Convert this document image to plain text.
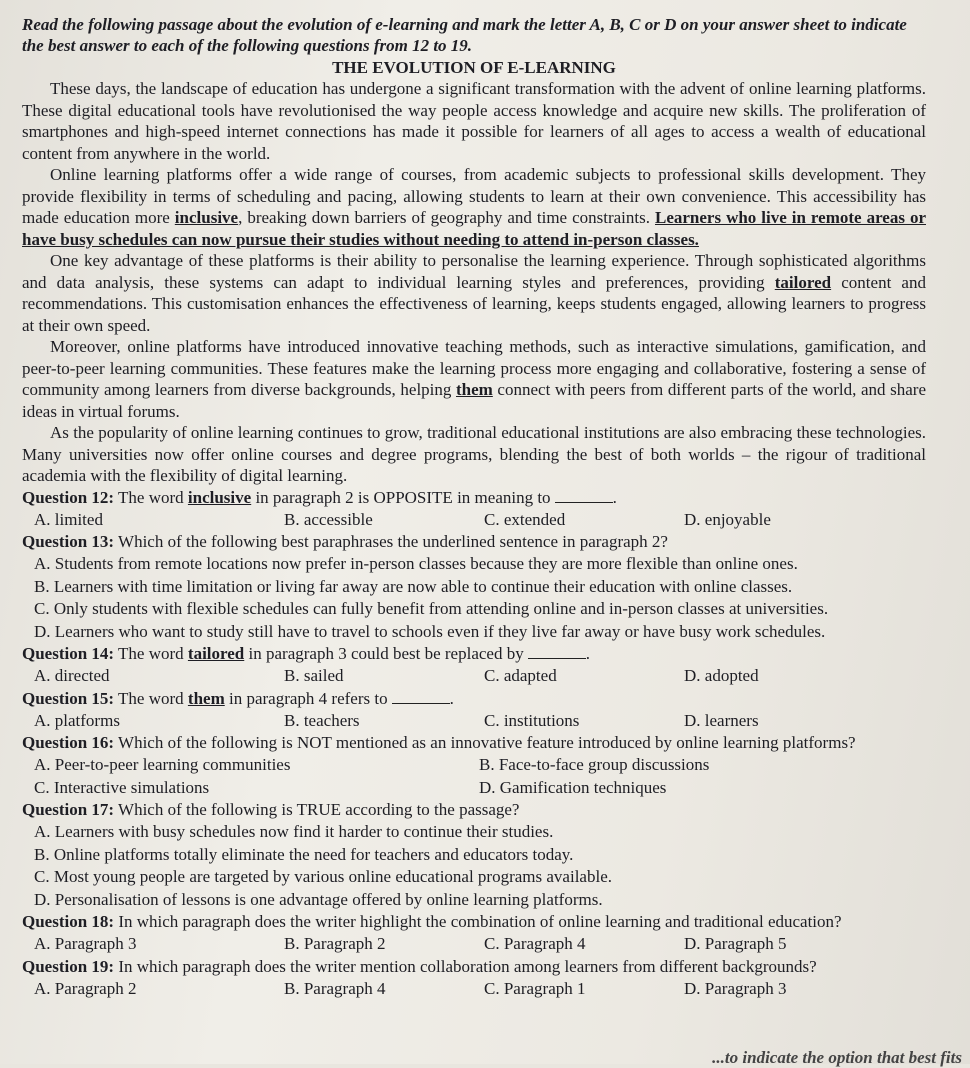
Read the following passage about the evolution of e-learning and mark the letter A, B, C or D on your answer sheet to indicate the best answer to each of the following questions from 12 to 19.

THE EVOLUTION OF E-LEARNING

These days, the landscape of education has undergone a significant transformation with the advent of online learning platforms. These digital educational tools have revolutionised the way people access knowledge and acquire new skills. The proliferation of smartphones and high-speed internet connections has made it possible for learners of all ages to access a wealth of educational content from anywhere in the world.

Online learning platforms offer a wide range of courses, from academic subjects to professional skills development. They provide flexibility in terms of scheduling and pacing, allowing students to learn at their own convenience. This accessibility has made education more inclusive, breaking down barriers of geography and time constraints. Learners who live in remote areas or have busy schedules can now pursue their studies without needing to attend in-person classes.

One key advantage of these platforms is their ability to personalise the learning experience. Through sophisticated algorithms and data analysis, these systems can adapt to individual learning styles and preferences, providing tailored content and recommendations. This customisation enhances the effectiveness of learning, keeps students engaged, allowing learners to progress at their own speed.

Moreover, online platforms have introduced innovative teaching methods, such as interactive simulations, gamification, and peer-to-peer learning communities. These features make the learning process more engaging and collaborative, fostering a sense of community among learners from diverse backgrounds, helping them connect with peers from different parts of the world, and share ideas in virtual forums.

As the popularity of online learning continues to grow, traditional educational institutions are also embracing these technologies. Many universities now offer online courses and degree programs, blending the best of both worlds – the rigour of traditional academia with the flexibility of digital learning.

Question 12: The word inclusive in paragraph 2 is OPPOSITE in meaning to	.

A. limited	B. accessible	C. extended	D. enjoyable

Question 13: Which of the following best paraphrases the underlined sentence in paragraph 2?

A. Students from remote locations now prefer in-person classes because they are more flexible than online ones.

B. Learners with time limitation or living far away are now able to continue their education with online classes.

C. Only students with flexible schedules can fully benefit from attending online and in-person classes at universities.

D. Learners who want to study still have to travel to schools even if they live far away or have busy work schedules.

Question 14: The word tailored in paragraph 3 could best be replaced by	.

A. directed	B. sailed	C. adapted	D. adopted

Question 15: The word them in paragraph 4 refers to	.

A. platforms	B. teachers	C. institutions	D. learners

Question 16: Which of the following is NOT mentioned as an innovative feature introduced by online learning platforms?

A. Peer-to-peer learning communities	B. Face-to-face group discussions
C. Interactive simulations	D. Gamification techniques

Question 17: Which of the following is TRUE according to the passage?

A. Learners with busy schedules now find it harder to continue their studies.

B. Online platforms totally eliminate the need for teachers and educators today.

C. Most young people are targeted by various online educational programs available.

D. Personalisation of lessons is one advantage offered by online learning platforms.

Question 18: In which paragraph does the writer highlight the combination of online learning and traditional education?

A. Paragraph 3	B. Paragraph 2	C. Paragraph 4	D. Paragraph 5

Question 19: In which paragraph does the writer mention collaboration among learners from different backgrounds?

A. Paragraph 2	B. Paragraph 4	C. Paragraph 1	D. Paragraph 3
...to indicate the option that best fits
